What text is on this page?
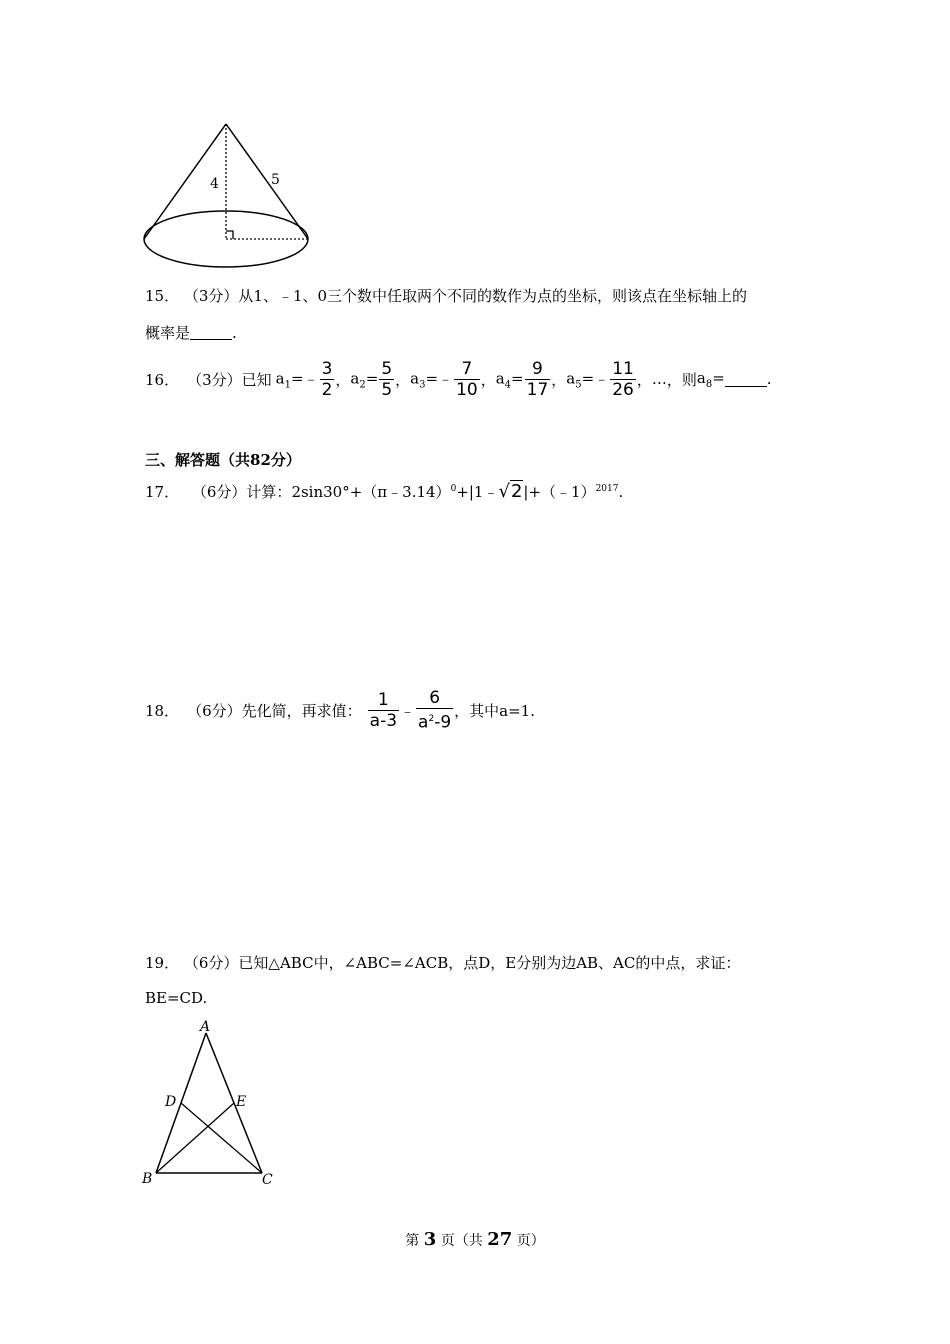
4	5
15． （3分）从1、﹣1、0三个数中任取两个不同的数作为点的坐标，则该点在坐标轴上的
概率是	.
16． （3分） 已知 $a_1=﹣ \frac{3}{2}$ ， $a_2= \frac{5}{5}$ ， $a_3=﹣ \frac{7}{10}$ ， $a_4= \frac{9}{17}$ ， $a_5=﹣ \frac{11}{26}$ ， … ，则 $a_8=$	.
三、解答题（共82分）
17． （6分）计算：2sin30°+（π﹣3.14）$^0$+|1﹣√2|+（﹣1）$^{2017}$.
18． （6分） 先化简，再求值： $\frac{1}{a-3}$ ﹣ $\frac{6}{a^2-9}$ ，其中a=1.
19． （6分）已知△ABC中，∠ABC=∠ACB，点D，E分别为边AB、AC的中点，求证：
BE=CD.
A
B	C
D	E
第 3 页（共 27 页）
